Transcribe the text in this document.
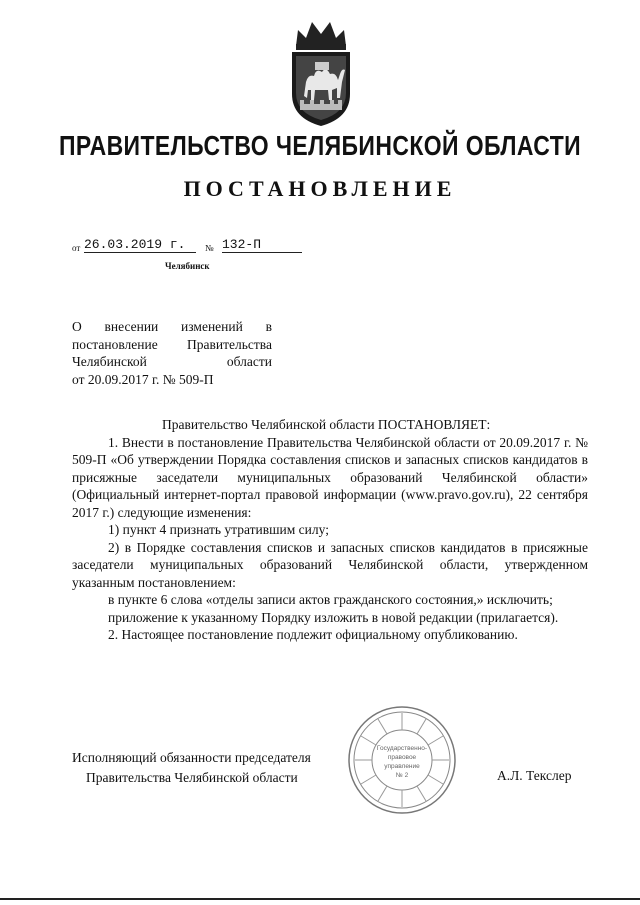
ПРАВИТЕЛЬСТВО ЧЕЛЯБИНСКОЙ ОБЛАСТИ
ПОСТАНОВЛЕНИЕ
от 26.03.2019 г.	№ 132-П
Челябинск
О внесении изменений в
постановление Правительства
Челябинской области
от 20.09.2017 г. № 509-П

Правительство Челябинской области ПОСТАНОВЛЯЕТ:

1. Внести в постановление Правительства Челябинской области от 20.09.2017 г. № 509-П «Об утверждении Порядка составления списков и запасных списков кандидатов в присяжные заседатели муниципальных образований Челябинской области» (Официальный интернет-портал правовой информации (www.pravo.gov.ru), 22 сентября 2017 г.) следующие изменения:

1) пункт 4 признать утратившим силу;

2) в Порядке составления списков и запасных списков кандидатов в присяжные заседатели муниципальных образований Челябинской области, утвержденном указанным постановлением:

в пункте 6 слова «отделы записи актов гражданского состояния,» исключить;

приложение к указанному Порядку изложить в новой редакции (прилагается).

2. Настоящее постановление подлежит официальному опубликованию.

Государственно-
правовое
управление
№ 2
Исполняющий обязанности председателя
Правительства Челябинской области	А.Л. Текслер
